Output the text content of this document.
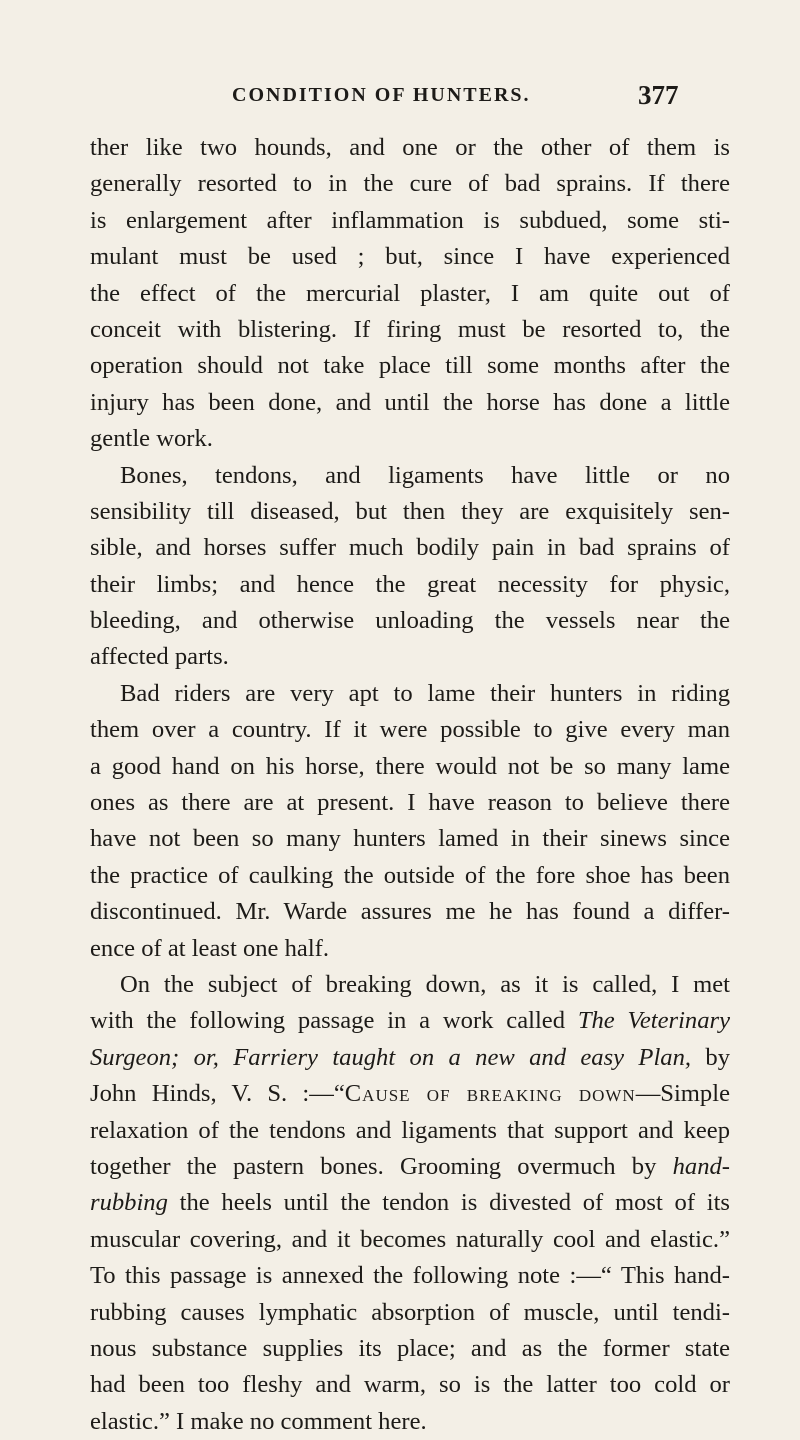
CONDITION OF HUNTERS.	377
ther like two hounds, and one or the other of them is
generally resorted to in the cure of bad sprains. If there
is enlargement after inflammation is subdued, some sti-
mulant must be used ; but, since I have experienced
the effect of the mercurial plaster, I am quite out of
conceit with blistering. If firing must be resorted to, the
operation should not take place till some months after the
injury has been done, and until the horse has done a little
gentle work.
Bones, tendons, and ligaments have little or no
sensibility till diseased, but then they are exquisitely sen-
sible, and horses suffer much bodily pain in bad sprains of
their limbs; and hence the great necessity for physic,
bleeding, and otherwise unloading the vessels near the
affected parts.
Bad riders are very apt to lame their hunters in riding
them over a country. If it were possible to give every man
a good hand on his horse, there would not be so many lame
ones as there are at present. I have reason to believe there
have not been so many hunters lamed in their sinews since
the practice of caulking the outside of the fore shoe has been
discontinued. Mr. Warde assures me he has found a differ-
ence of at least one half.
On the subject of breaking down, as it is called, I met
with the following passage in a work called The Veterinary
Surgeon; or, Farriery taught on a new and easy Plan, by
John Hinds, V. S. :—“Cause of breaking down—Simple
relaxation of the tendons and ligaments that support and keep
together the pastern bones. Grooming overmuch by hand-
rubbing the heels until the tendon is divested of most of its
muscular covering, and it becomes naturally cool and elastic.”
To this passage is annexed the following note :—“ This hand-
rubbing causes lymphatic absorption of muscle, until tendi-
nous substance supplies its place; and as the former state
had been too fleshy and warm, so is the latter too cold or
elastic.” I make no comment here.
